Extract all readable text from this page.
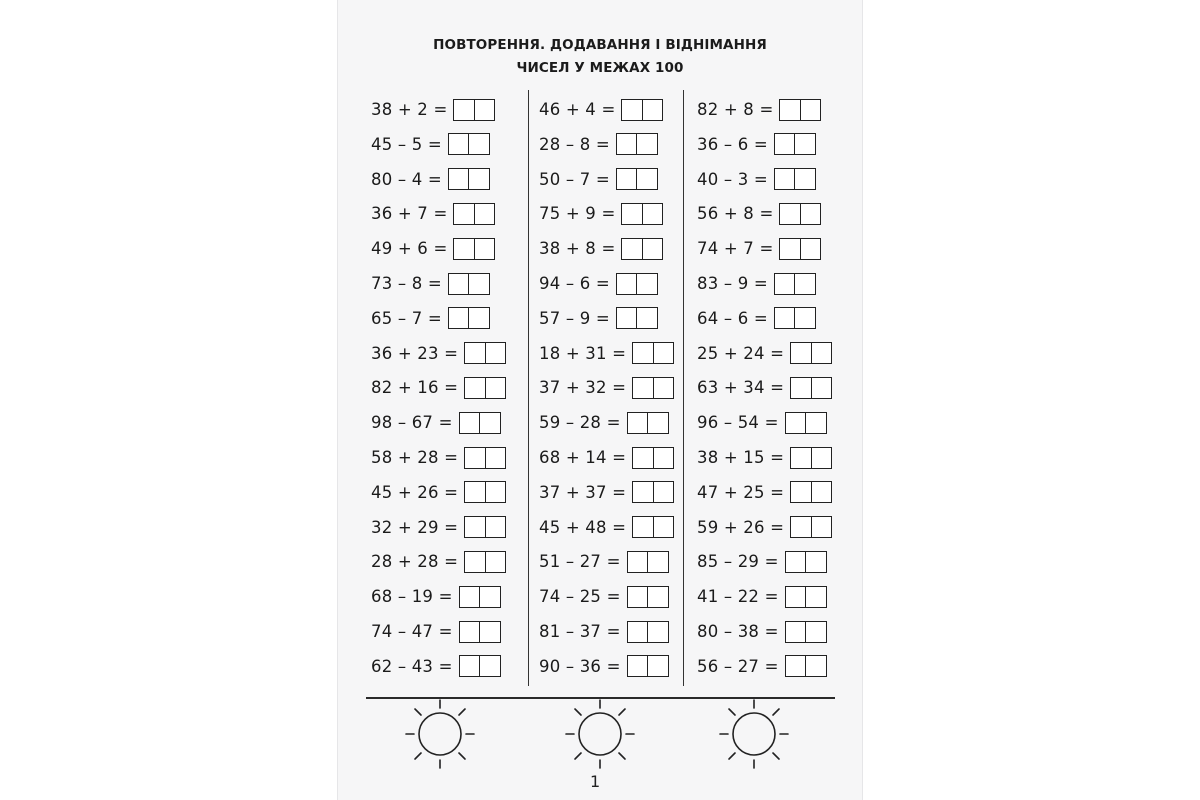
ПОВТОРЕННЯ. ДОДАВАННЯ І ВІДНІМАННЯ
ЧИСЕЛ У МЕЖАХ 100
38 + 2 =
45 – 5 =
80 – 4 =
36 + 7 =
49 + 6 =
73 – 8 =
65 – 7 =
36 + 23 =
82 + 16 =
98 – 67 =
58 + 28 =
45 + 26 =
32 + 29 =
28 + 28 =
68 – 19 =
74 – 47 =
62 – 43 =
46 + 4 =
28 – 8 =
50 – 7 =
75 + 9 =
38 + 8 =
94 – 6 =
57 – 9 =
18 + 31 =
37 + 32 =
59 – 28 =
68 + 14 =
37 + 37 =
45 + 48 =
51 – 27 =
74 – 25 =
81 – 37 =
90 – 36 =
82 + 8 =
36 – 6 =
40 – 3 =
56 + 8 =
74 + 7 =
83 – 9 =
64 – 6 =
25 + 24 =
63 + 34 =
96 – 54 =
38 + 15 =
47 + 25 =
59 + 26 =
85 – 29 =
41 – 22 =
80 – 38 =
56 – 27 =
1
